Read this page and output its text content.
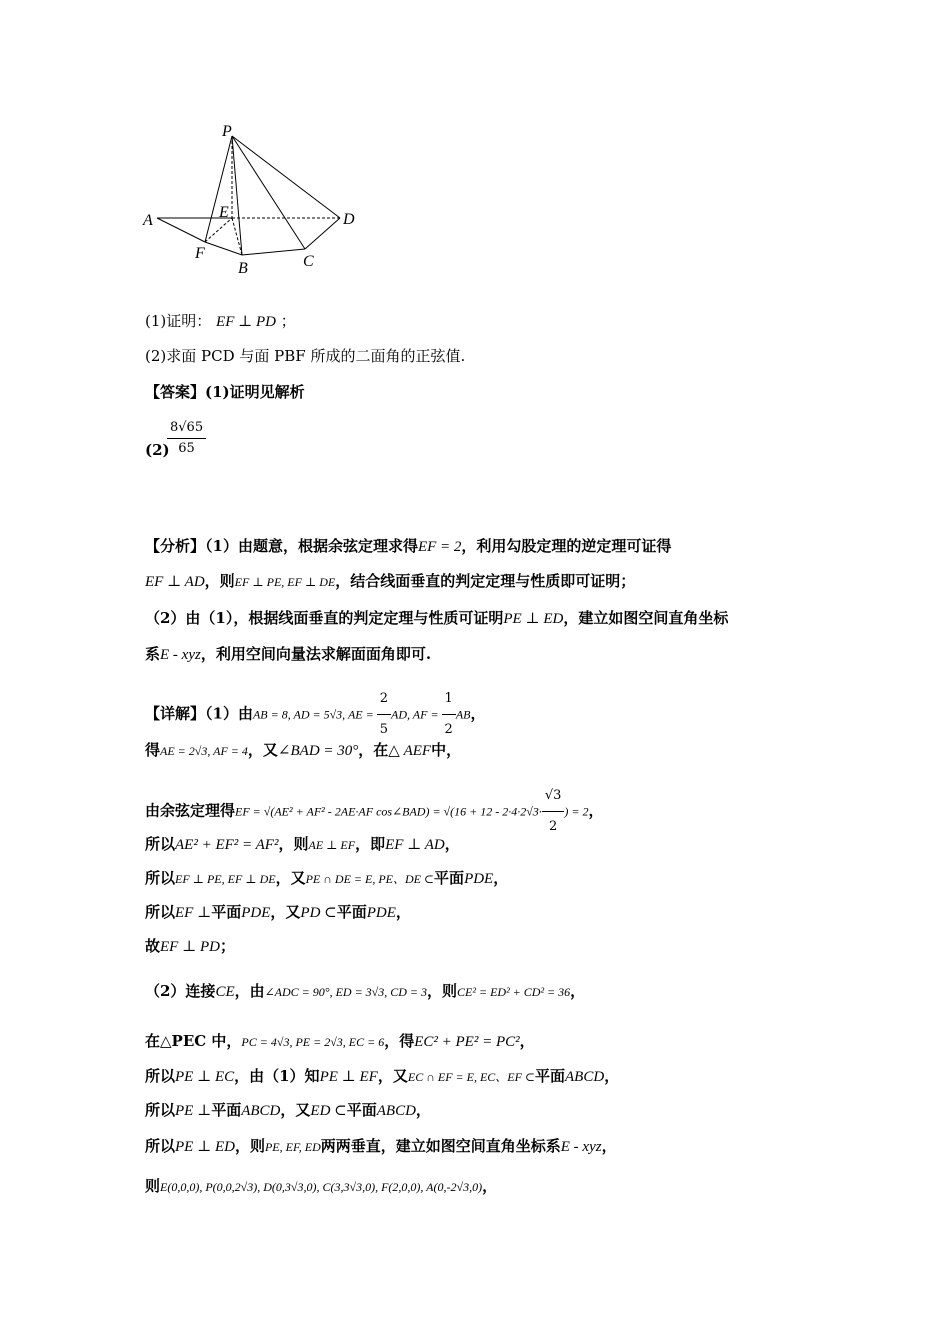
P
A	E	D
F
B	C
(1)证明： EF ⊥ PD ；
(2)求面 PCD 与面 PBF 所成的二面角的正弦值.
【答案】(1)证明见解析
(2)
$\frac{8√65}{65}$
【分析】（1）由题意，根据余弦定理求得EF = 2，利用勾股定理的逆定理可证得
EF ⊥ AD，则EF ⊥ PE, EF ⊥ DE，结合线面垂直的判定定理与性质即可证明；
（2）由（1），根据线面垂直的判定定理与性质可证明PE ⊥ ED，建立如图空间直角坐标
系E - xyz，利用空间向量法求解面面角即可.
【详解】（1）由AB = 8, AD = 5√3, AE = $\frac{2}{5}$ AD, AF = $\frac{1}{2}$ AB，
得AE = 2√3, AF = 4，又∠BAD = 30°，在△ AEF中，
由余弦定理得EF = √(AE² + AF² - 2AE·AF cos∠BAD) = $√(16 + 12 - 2\cdot 4\cdot 2√3\cdot \frac{√3}{2}$ ) = 2，
所以AE² + EF² = AF²，则AE ⊥ EF，即EF ⊥ AD，
所以EF ⊥ PE, EF ⊥ DE，又PE ∩ DE = E, PE、DE ⊂平面PDE，
所以EF ⊥平面PDE，又PD ⊂平面PDE，
故EF ⊥ PD；
（2）连接CE，由∠ADC = 90°, ED = 3√3, CD = 3，则CE² = ED² + CD² = 36，
在△PEC 中，PC = 4√3, PE = 2√3, EC = 6，得EC² + PE² = PC²，
所以PE ⊥ EC，由（1）知PE ⊥ EF，又EC ∩ EF = E, EC、EF ⊂平面ABCD，
所以PE ⊥平面ABCD，又ED ⊂平面ABCD，
所以PE ⊥ ED，则PE, EF, ED两两垂直，建立如图空间直角坐标系E - xyz，
则E(0,0,0), P(0,0,2√3), D(0,3√3,0), C(3,3√3,0), F(2,0,0), A(0,-2√3,0)，
